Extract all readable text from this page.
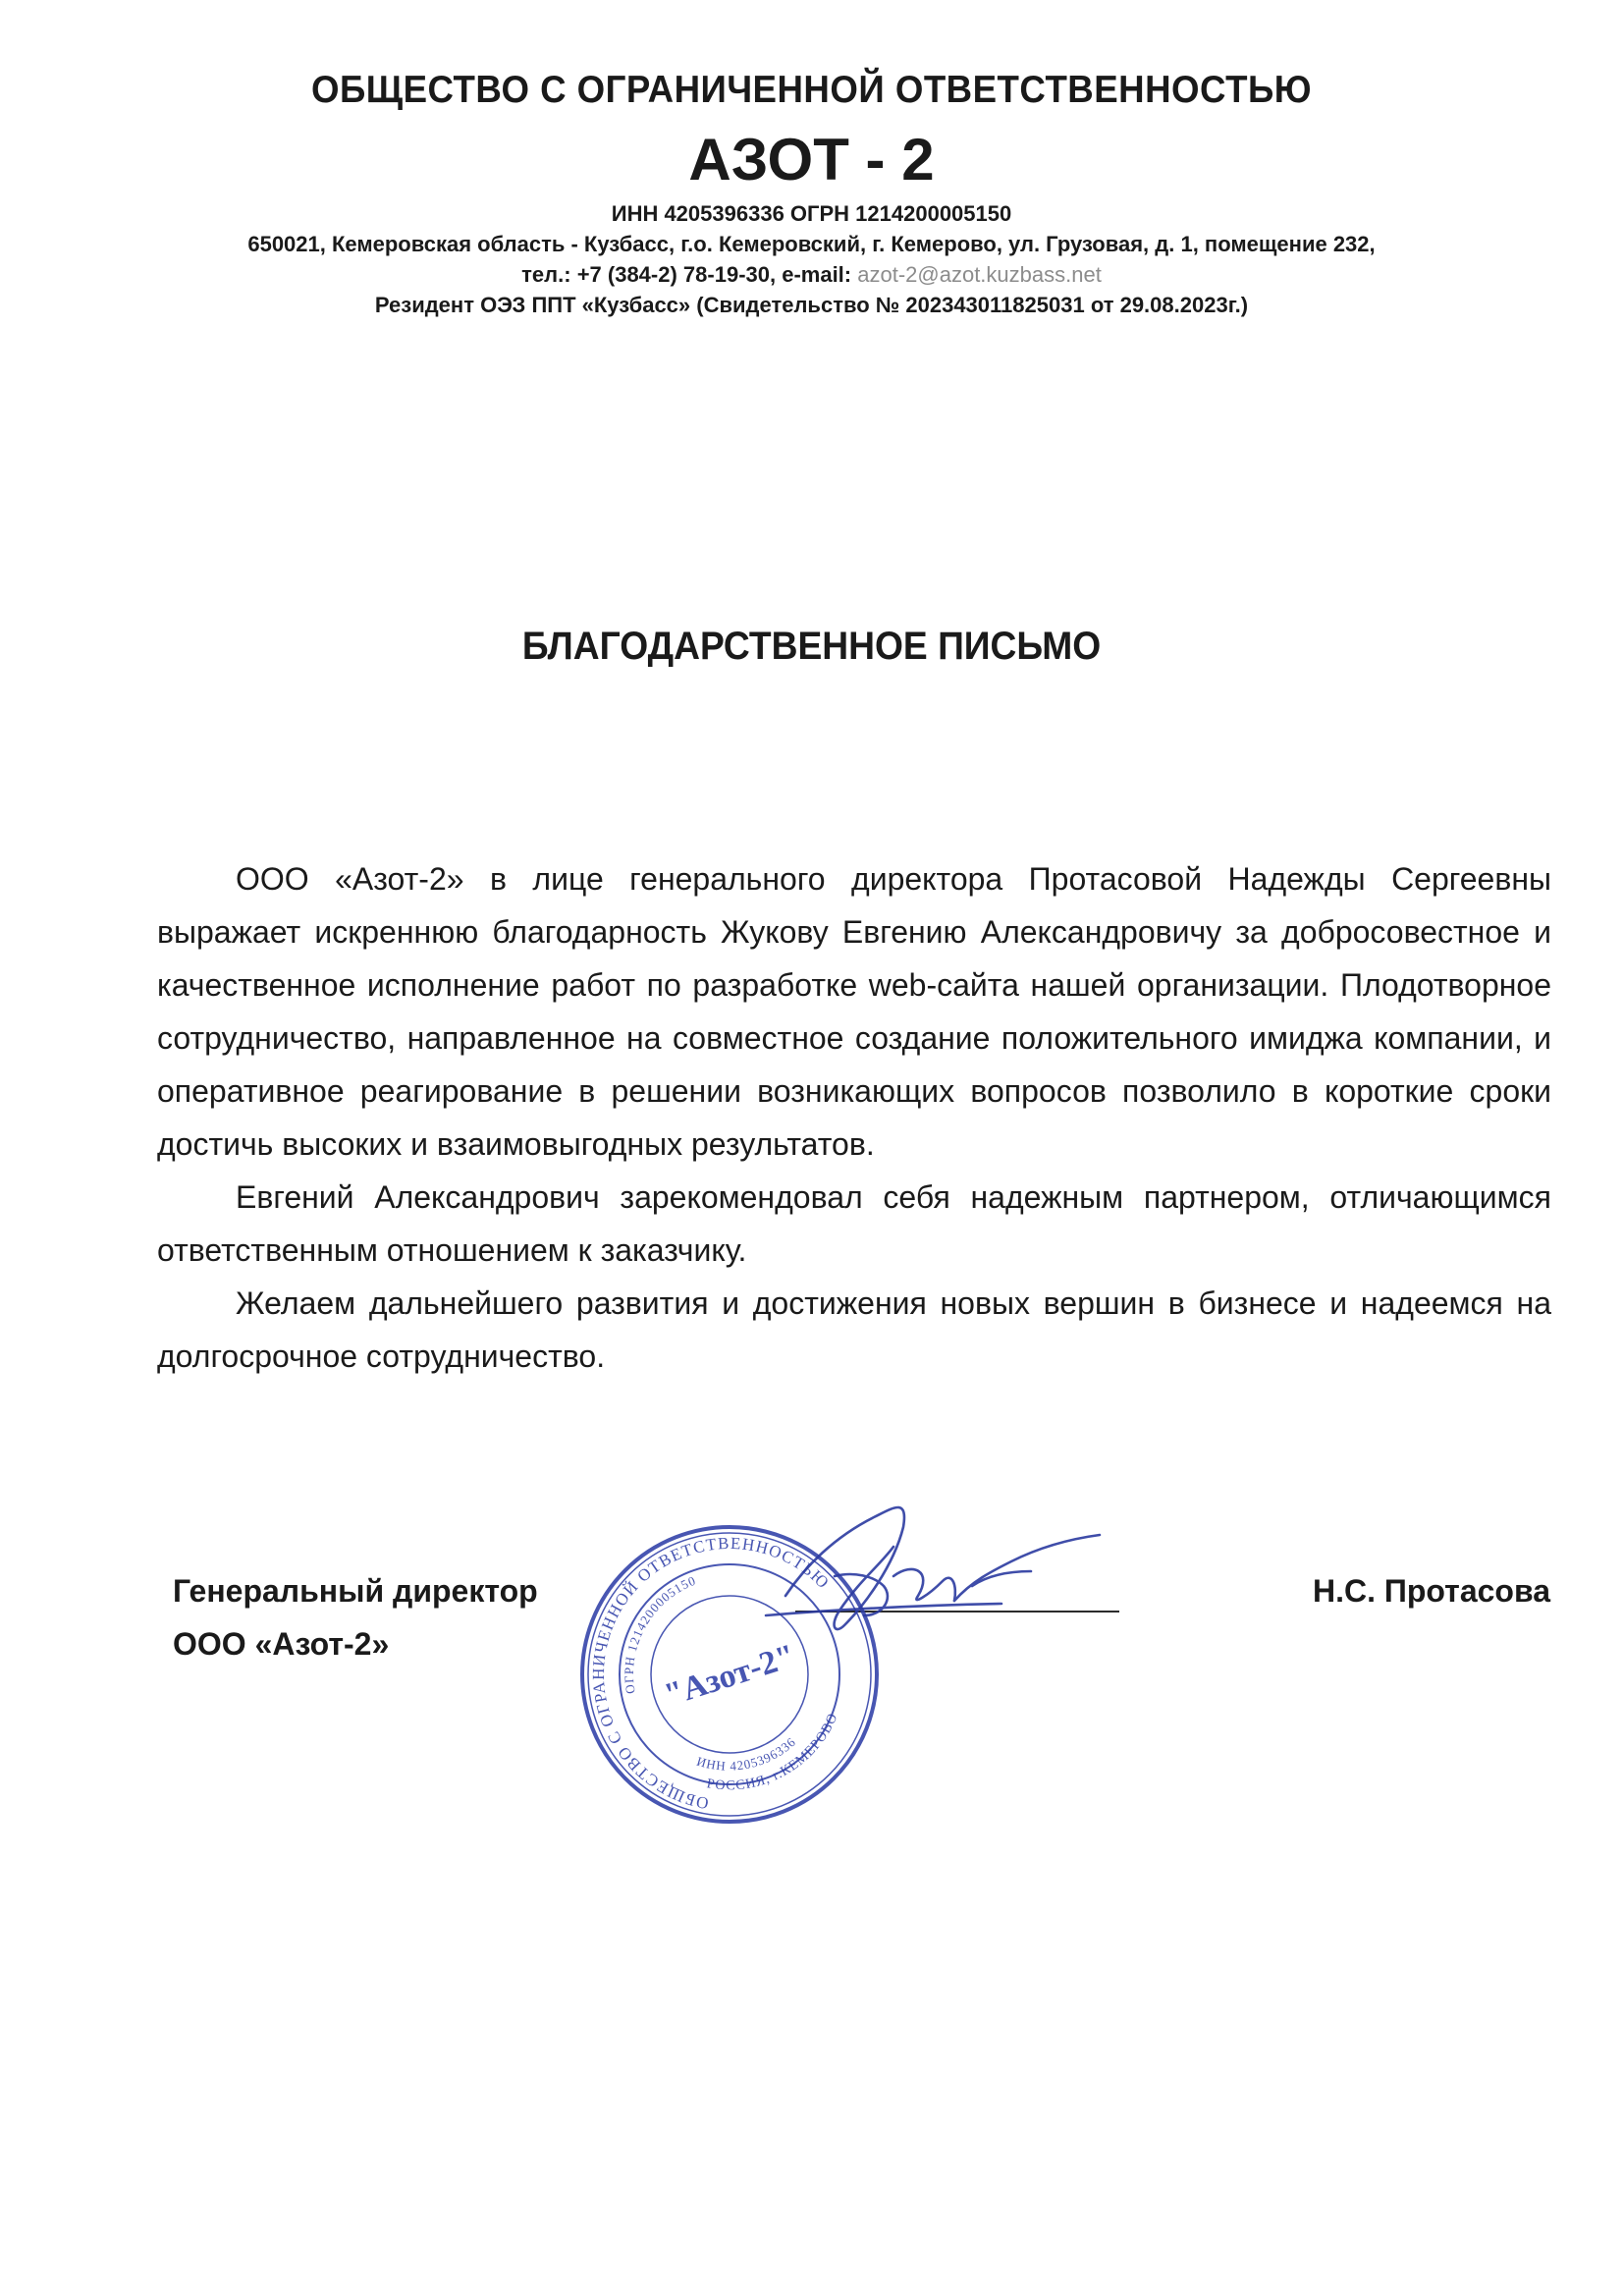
ОБЩЕСТВО С ОГРАНИЧЕННОЙ ОТВЕТСТВЕННОСТЬЮ
АЗОТ - 2
ИНН 4205396336 ОГРН 1214200005150
650021, Кемеровская область - Кузбасс, г.о. Кемеровский, г. Кемерово, ул. Грузовая, д. 1, помещение 232,
тел.: +7 (384-2) 78-19-30, e-mail: azot-2@azot.kuzbass.net
Резидент ОЭЗ ППТ «Кузбасс» (Свидетельство № 202343011825031 от 29.08.2023г.)
БЛАГОДАРСТВЕННОЕ ПИСЬМО

ООО «Азот-2» в лице генерального директора Протасовой Надежды Сергеевны выражает искреннюю благодарность Жукову Евгению Александровичу за добросовестное и качественное исполнение работ по разработке web-сайта нашей организации. Плодотворное сотрудничество, направленное на совместное создание положительного имиджа компании, и оперативное реагирование в решении возникающих вопросов позволило в короткие сроки достичь высоких и взаимовыгодных результатов.

Евгений Александрович зарекомендовал себя надежным партнером, отличающимся ответственным отношением к заказчику.

Желаем дальнейшего развития и достижения новых вершин в бизнесе и надеемся на долгосрочное сотрудничество.

Генеральный директор
ООО «Азот-2»
Н.С. Протасова
ОБЩЕСТВО С ОГРАНИЧЕННОЙ ОТВЕТСТВЕННОСТЬЮ
ОГРН 1214200005150
"Азот-2"
ИНН 4205396336
РОССИЯ, г.КЕМЕРОВО
